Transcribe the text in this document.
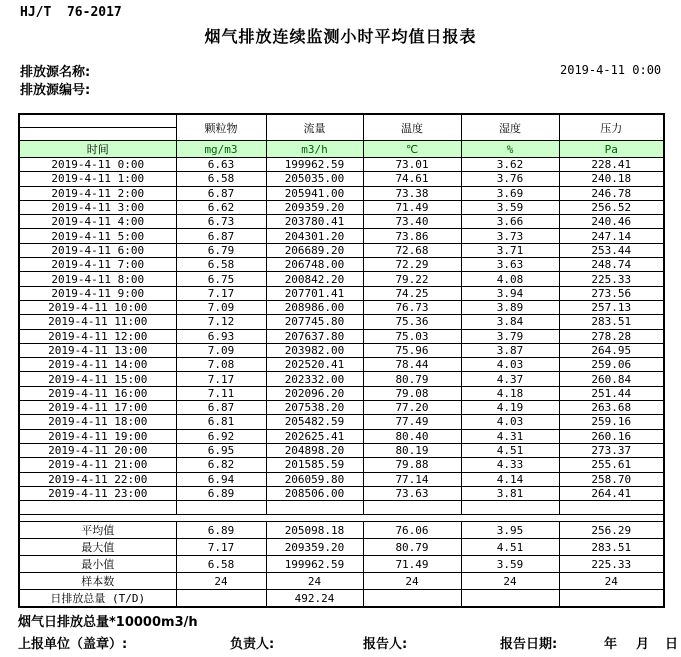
HJ/T  76-2017
烟气排放连续监测小时平均值日报表
排放源名称:	2019-4-11 0:00
排放源编号:
	颗粒物	流量	温度	湿度	压力

时间	mg/m3	m3/h	℃	%	Pa
2019-4-11 0:00	6.63	199962.59	73.01	3.62	228.41
2019-4-11 1:00	6.58	205035.00	74.61	3.76	240.18
2019-4-11 2:00	6.87	205941.00	73.38	3.69	246.78
2019-4-11 3:00	6.62	209359.20	71.49	3.59	256.52
2019-4-11 4:00	6.73	203780.41	73.40	3.66	240.46
2019-4-11 5:00	6.87	204301.20	73.86	3.73	247.14
2019-4-11 6:00	6.79	206689.20	72.68	3.71	253.44
2019-4-11 7:00	6.58	206748.00	72.29	3.63	248.74
2019-4-11 8:00	6.75	200842.20	79.22	4.08	225.33
2019-4-11 9:00	7.17	207701.41	74.25	3.94	273.56
2019-4-11 10:00	7.09	208986.00	76.73	3.89	257.13
2019-4-11 11:00	7.12	207745.80	75.36	3.84	283.51
2019-4-11 12:00	6.93	207637.80	75.03	3.79	278.28
2019-4-11 13:00	7.09	203982.00	75.96	3.87	264.95
2019-4-11 14:00	7.08	202520.41	78.44	4.03	259.06
2019-4-11 15:00	7.17	202332.00	80.79	4.37	260.84
2019-4-11 16:00	7.11	202096.20	79.08	4.18	251.44
2019-4-11 17:00	6.87	207538.20	77.20	4.19	263.68
2019-4-11 18:00	6.81	205482.59	77.49	4.03	259.16
2019-4-11 19:00	6.92	202625.41	80.40	4.31	260.16
2019-4-11 20:00	6.95	204898.20	80.19	4.51	273.37
2019-4-11 21:00	6.82	201585.59	79.88	4.33	255.61
2019-4-11 22:00	6.94	206059.80	77.14	4.14	258.70
2019-4-11 23:00	6.89	208506.00	73.63	3.81	264.41

平均值	6.89	205098.18	76.06	3.95	256.29
最大值	7.17	209359.20	80.79	4.51	283.51
最小值	6.58	199962.59	71.49	3.59	225.33
样本数	24	24	24	24	24
日排放总量 (T/D)		492.24			
烟气日排放总量*10000m3/h
上报单位（盖章）:	负责人:	报告人:	报告日期:	年 月 日
